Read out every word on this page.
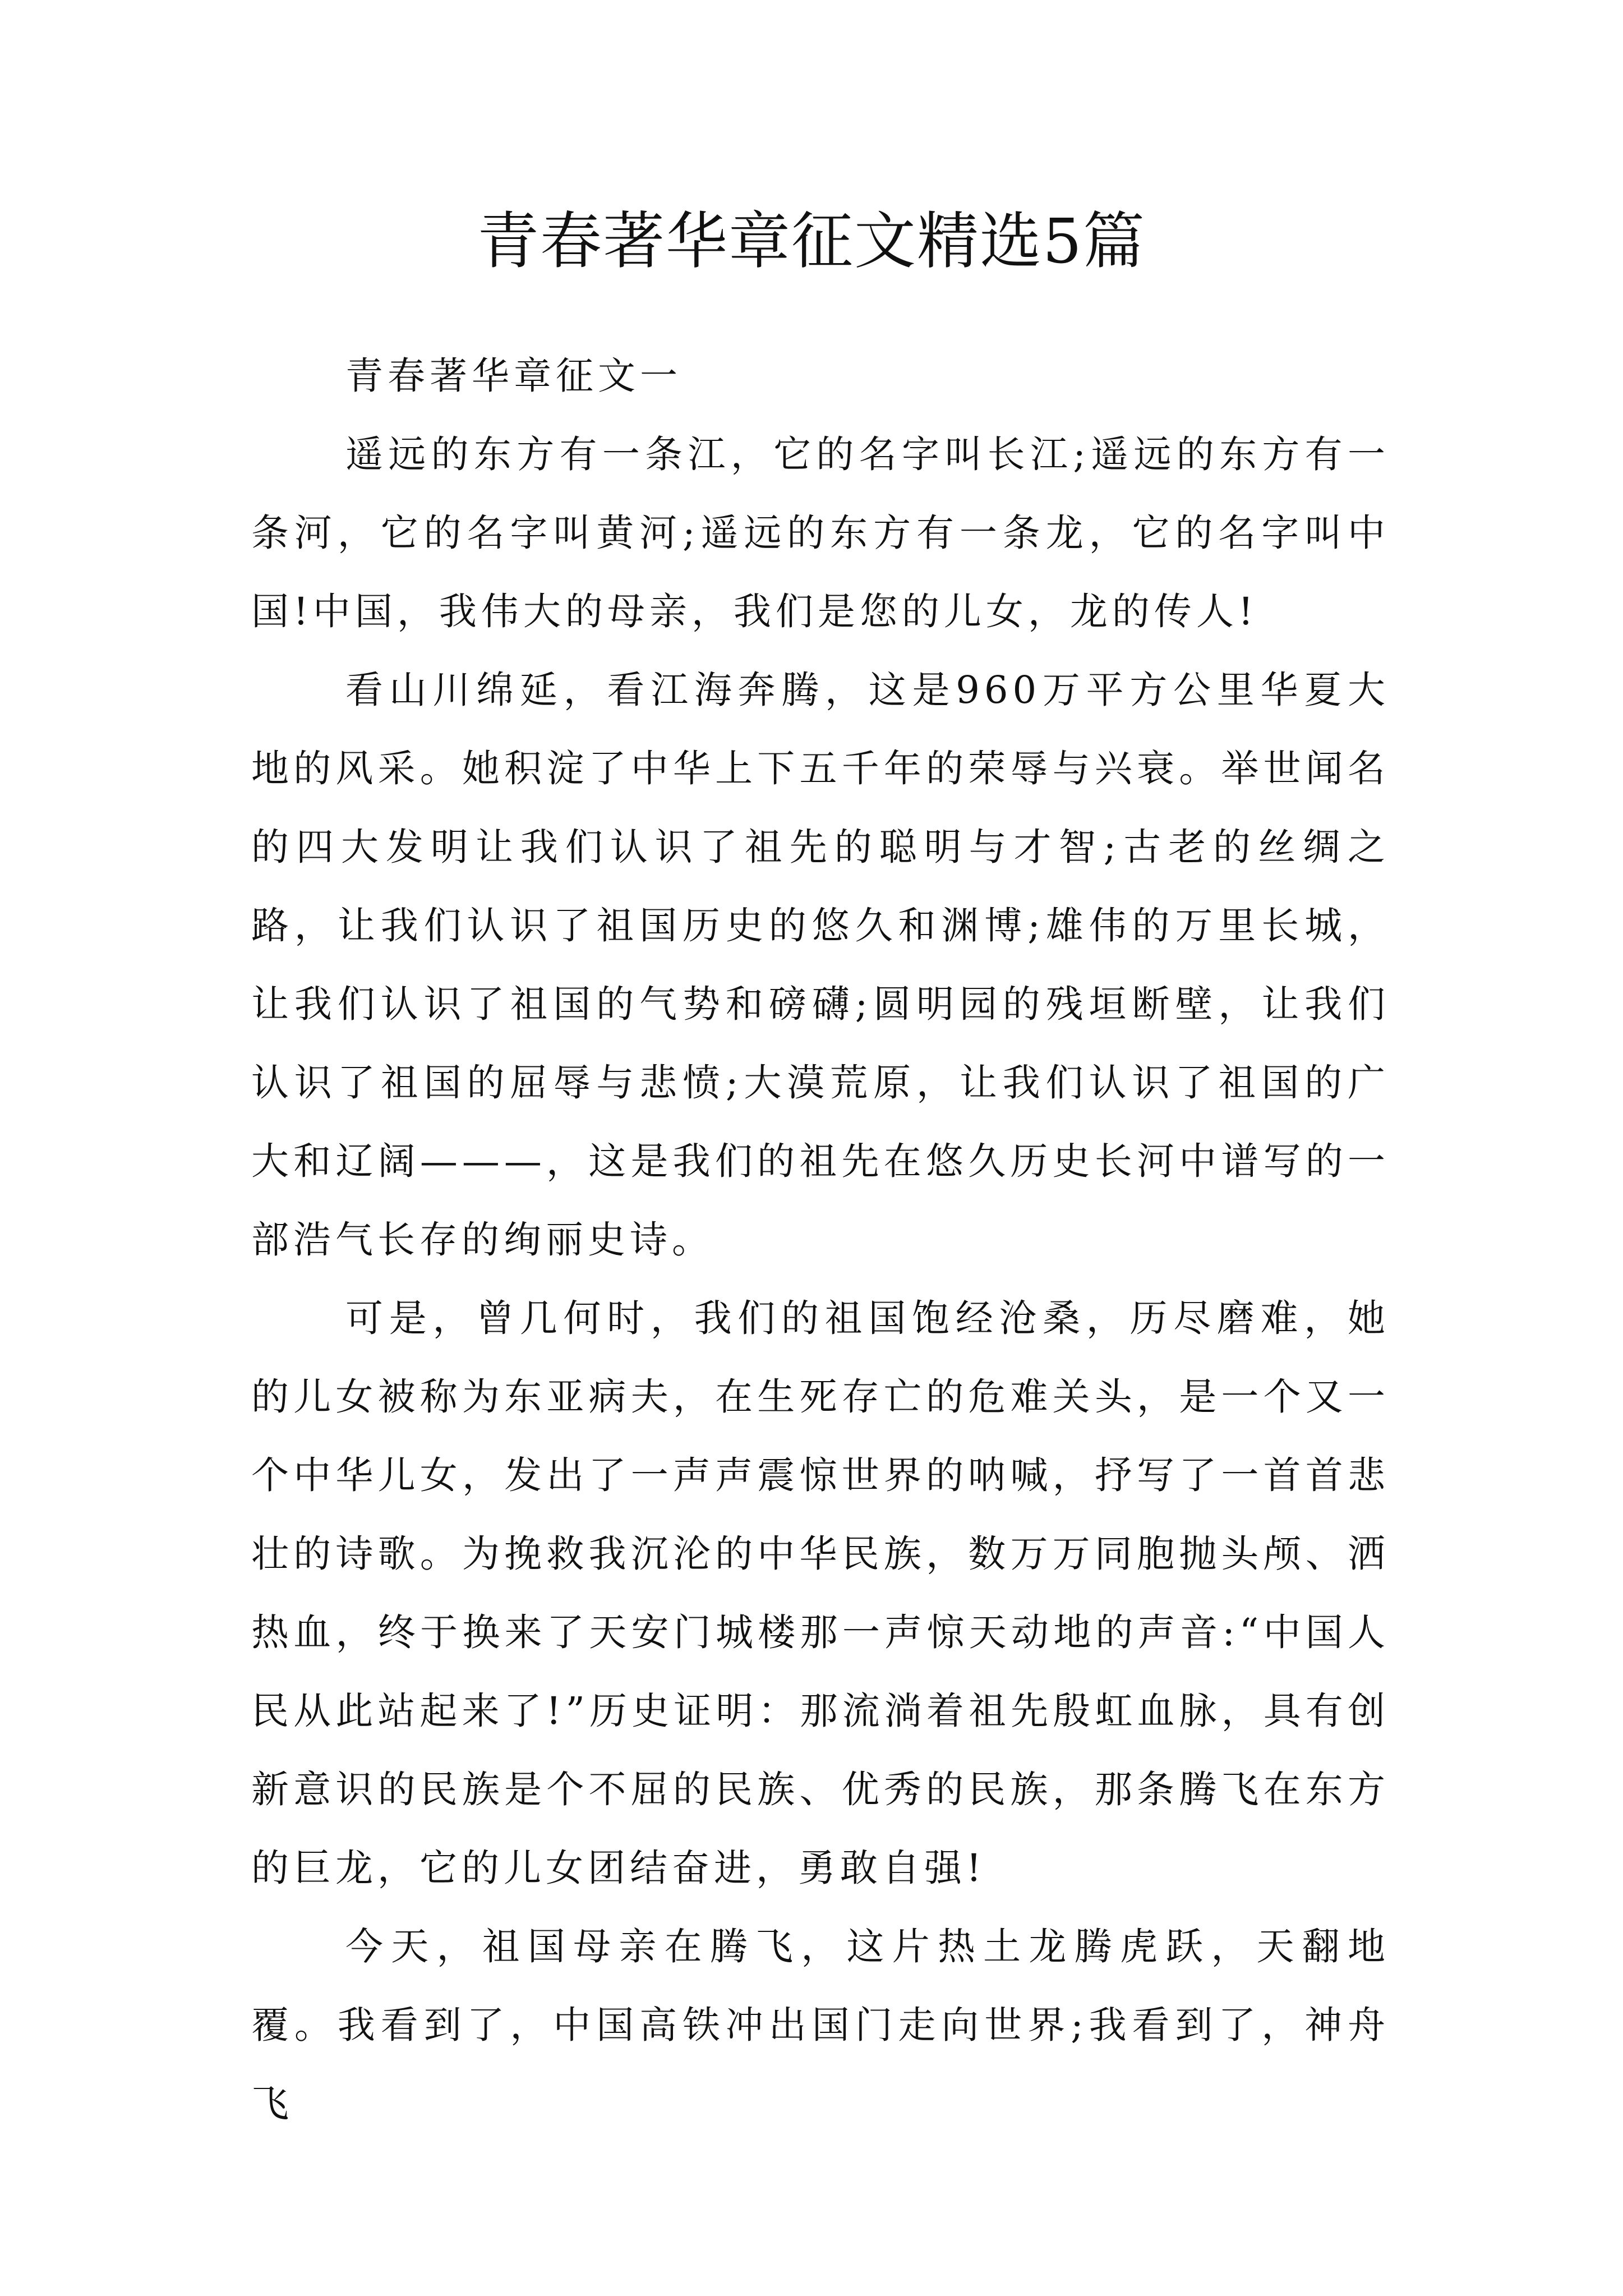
青春著华章征文精选5篇

青春著华章征文一

遥远的东方有一条江，它的名字叫长江;遥远的东方有一条河，它的名字叫黄河;遥远的东方有一条龙，它的名字叫中国!中国，我伟大的母亲，我们是您的儿女，龙的传人!

看山川绵延，看江海奔腾，这是960万平方公里华夏大地的风采。她积淀了中华上下五千年的荣辱与兴衰。举世闻名的四大发明让我们认识了祖先的聪明与才智;古老的丝绸之路，让我们认识了祖国历史的悠久和渊博;雄伟的万里长城，让我们认识了祖国的气势和磅礴;圆明园的残垣断壁，让我们认识了祖国的屈辱与悲愤;大漠荒原，让我们认识了祖国的广大和辽阔———，这是我们的祖先在悠久历史长河中谱写的一部浩气长存的绚丽史诗。

可是，曾几何时，我们的祖国饱经沧桑，历尽磨难，她的儿女被称为东亚病夫，在生死存亡的危难关头，是一个又一个中华儿女，发出了一声声震惊世界的呐喊，抒写了一首首悲壮的诗歌。为挽救我沉沦的中华民族，数万万同胞抛头颅、洒热血，终于换来了天安门城楼那一声惊天动地的声音:“中国人民从此站起来了!”历史证明：那流淌着祖先殷虹血脉，具有创新意识的民族是个不屈的民族、优秀的民族，那条腾飞在东方的巨龙，它的儿女团结奋进，勇敢自强!

今天，祖国母亲在腾飞，这片热土龙腾虎跃，天翻地覆。我看到了，中国高铁冲出国门走向世界;我看到了，神舟飞
